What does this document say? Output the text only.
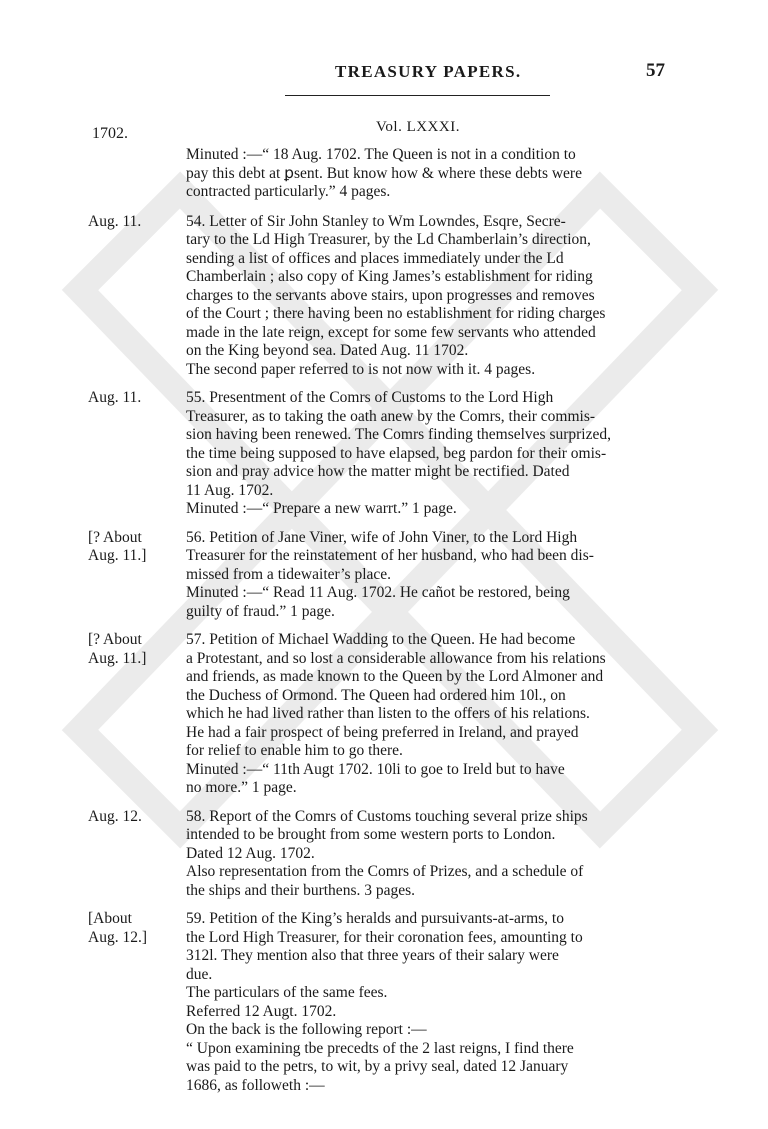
TREASURY PAPERS.	57
1702.	Vol. LXXXI.
Minuted :—“ 18 Aug. 1702. The Queen is not in a condition to
pay this debt at ꝑsent. But know how & where these debts were
contracted particularly.” 4 pages.
Aug. 11.	54. Letter of Sir John Stanley to Wm Lowndes, Esqre, Secre-
tary to the Ld High Treasurer, by the Ld Chamberlain’s direction,
sending a list of offices and places immediately under the Ld
Chamberlain ; also copy of King James’s establishment for riding
charges to the servants above stairs, upon progresses and removes
of the Court ; there having been no establishment for riding charges
made in the late reign, except for some few servants who attended
on the King beyond sea. Dated Aug. 11 1702.
The second paper referred to is not now with it. 4 pages.
Aug. 11.	55. Presentment of the Comrs of Customs to the Lord High
Treasurer, as to taking the oath anew by the Comrs, their commis-
sion having been renewed. The Comrs finding themselves surprized,
the time being supposed to have elapsed, beg pardon for their omis-
sion and pray advice how the matter might be rectified. Dated
11 Aug. 1702.
Minuted :—“ Prepare a new warrt.” 1 page.
[? About
Aug. 11.]
56. Petition of Jane Viner, wife of John Viner, to the Lord High
Treasurer for the reinstatement of her husband, who had been dis-
missed from a tidewaiter’s place.
Minuted :—“ Read 11 Aug. 1702. He cañot be restored, being
guilty of fraud.” 1 page.
[? About
Aug. 11.]
57. Petition of Michael Wadding to the Queen. He had become
a Protestant, and so lost a considerable allowance from his relations
and friends, as made known to the Queen by the Lord Almoner and
the Duchess of Ormond. The Queen had ordered him 10l., on
which he had lived rather than listen to the offers of his relations.
He had a fair prospect of being preferred in Ireland, and prayed
for relief to enable him to go there.
Minuted :—“ 11th Augt 1702. 10li to goe to Ireld but to have
no more.” 1 page.
Aug. 12.	58. Report of the Comrs of Customs touching several prize ships
intended to be brought from some western ports to London.
Dated 12 Aug. 1702.
Also representation from the Comrs of Prizes, and a schedule of
the ships and their burthens. 3 pages.
[About
Aug. 12.]
59. Petition of the King’s heralds and pursuivants-at-arms, to
the Lord High Treasurer, for their coronation fees, amounting to
312l. They mention also that three years of their salary were
due.
The particulars of the same fees.
Referred 12 Augt. 1702.
On the back is the following report :—
“ Upon examining tbe precedts of the 2 last reigns, I find there
was paid to the petrs, to wit, by a privy seal, dated 12 January
1686, as followeth :—
